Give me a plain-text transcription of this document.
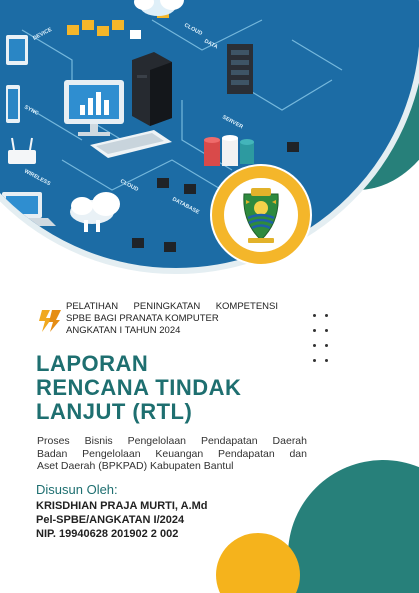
DEVICE	CLOUD
DATA
SYNC
SERVER
WIRELESS	CLOUD
DATABASE
PELATIHAN PENINGKATAN KOMPETENSI
SPBE BAGI PRANATA KOMPUTER
ANGKATAN I TAHUN 2024
LAPORAN
RENCANA TINDAK
LANJUT (RTL)
Proses Bisnis Pengelolaan Pendapatan Daerah
Badan Pengelolaan Keuangan Pendapatan dan
Aset Daerah (BPKPAD) Kabupaten Bantul
Disusun Oleh:
KRISDHIAN PRAJA MURTI, A.Md
Pel-SPBE/ANGKATAN I/2024
NIP. 19940628 201902 2 002
